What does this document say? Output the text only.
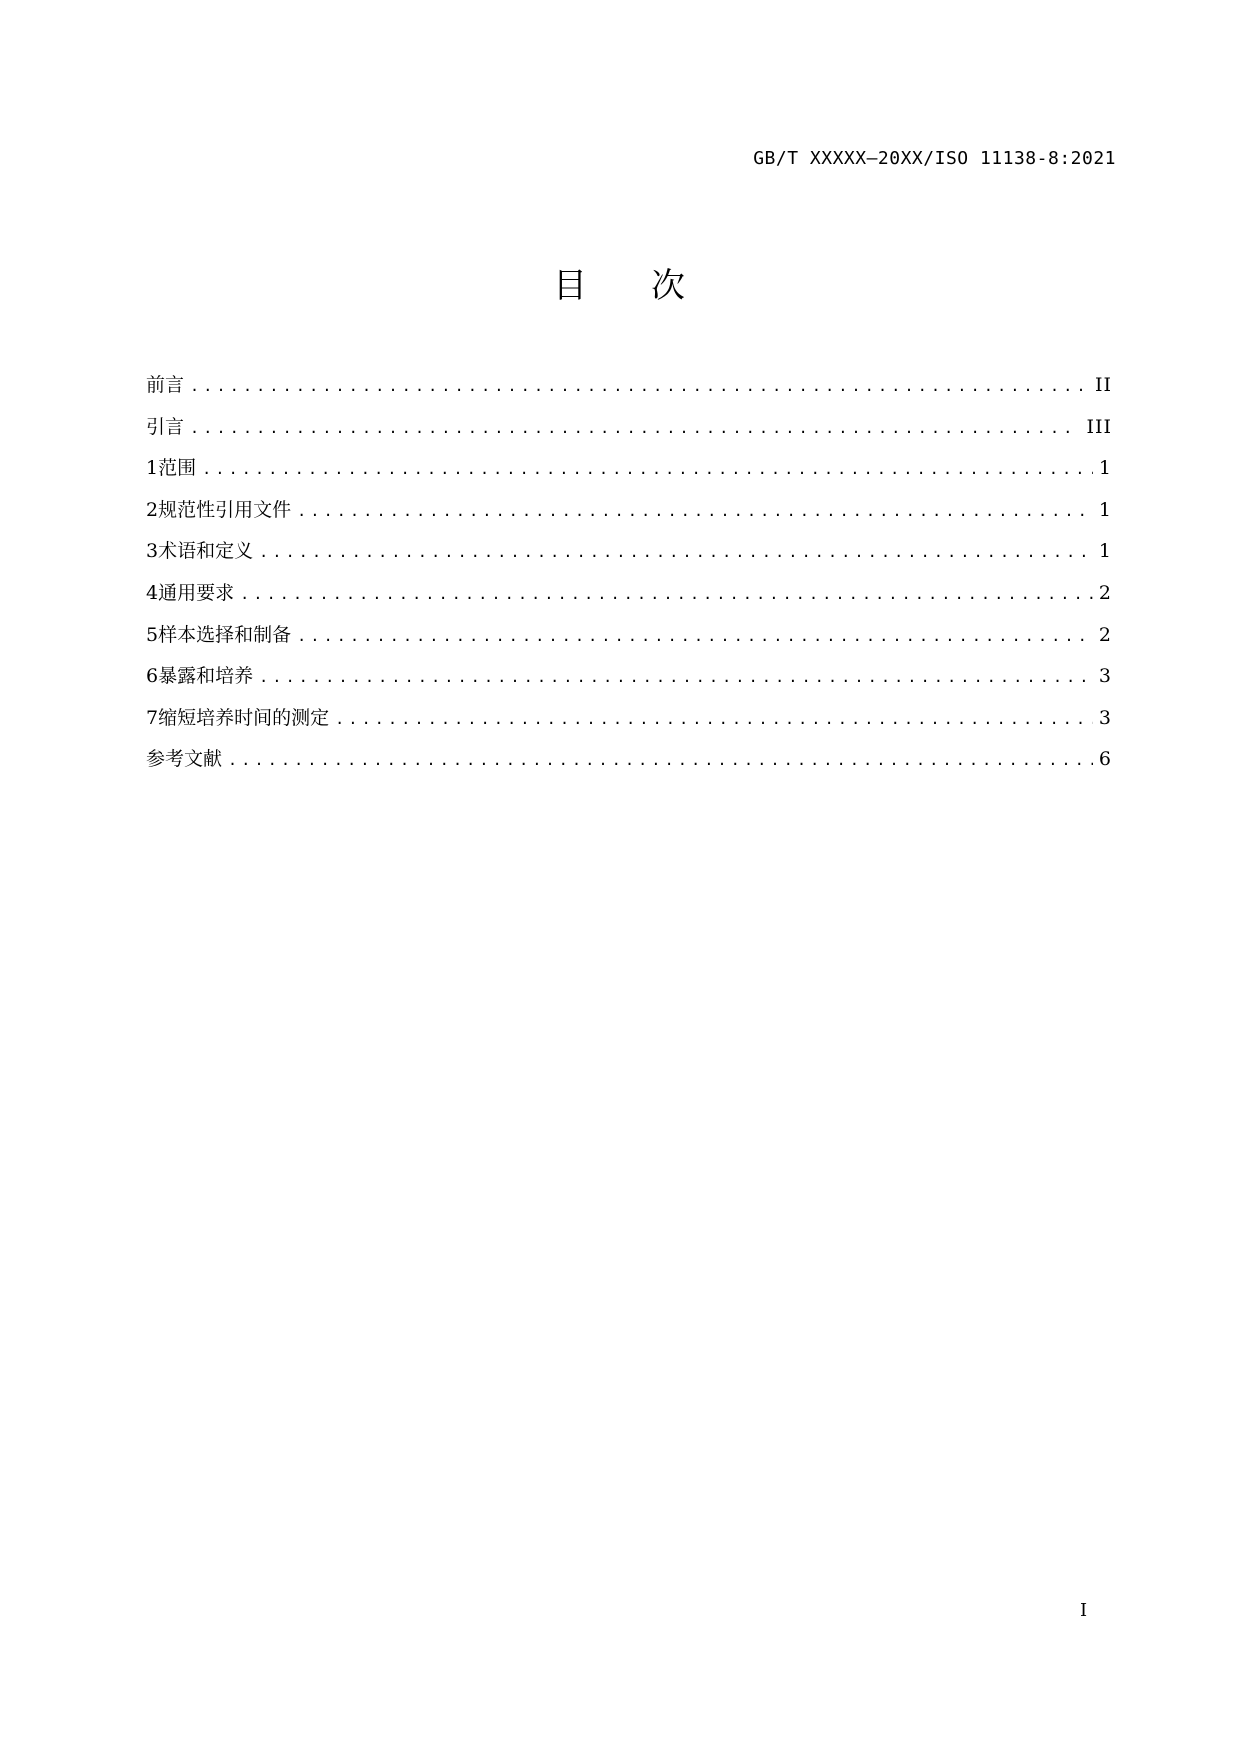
GB/T XXXXX—20XX/ISO 11138-8:2021
目 次
前言 .....	II
引言 .....	III
1 范围 .....	1
2 规范性引用文件 .....	1
3 术语和定义 .....	1
4 通用要求 .....	2
5 样本选择和制备 .....	2
6 暴露和培养 .....	3
7 缩短培养时间的测定 .....	3
参考文献 .....	6
I
